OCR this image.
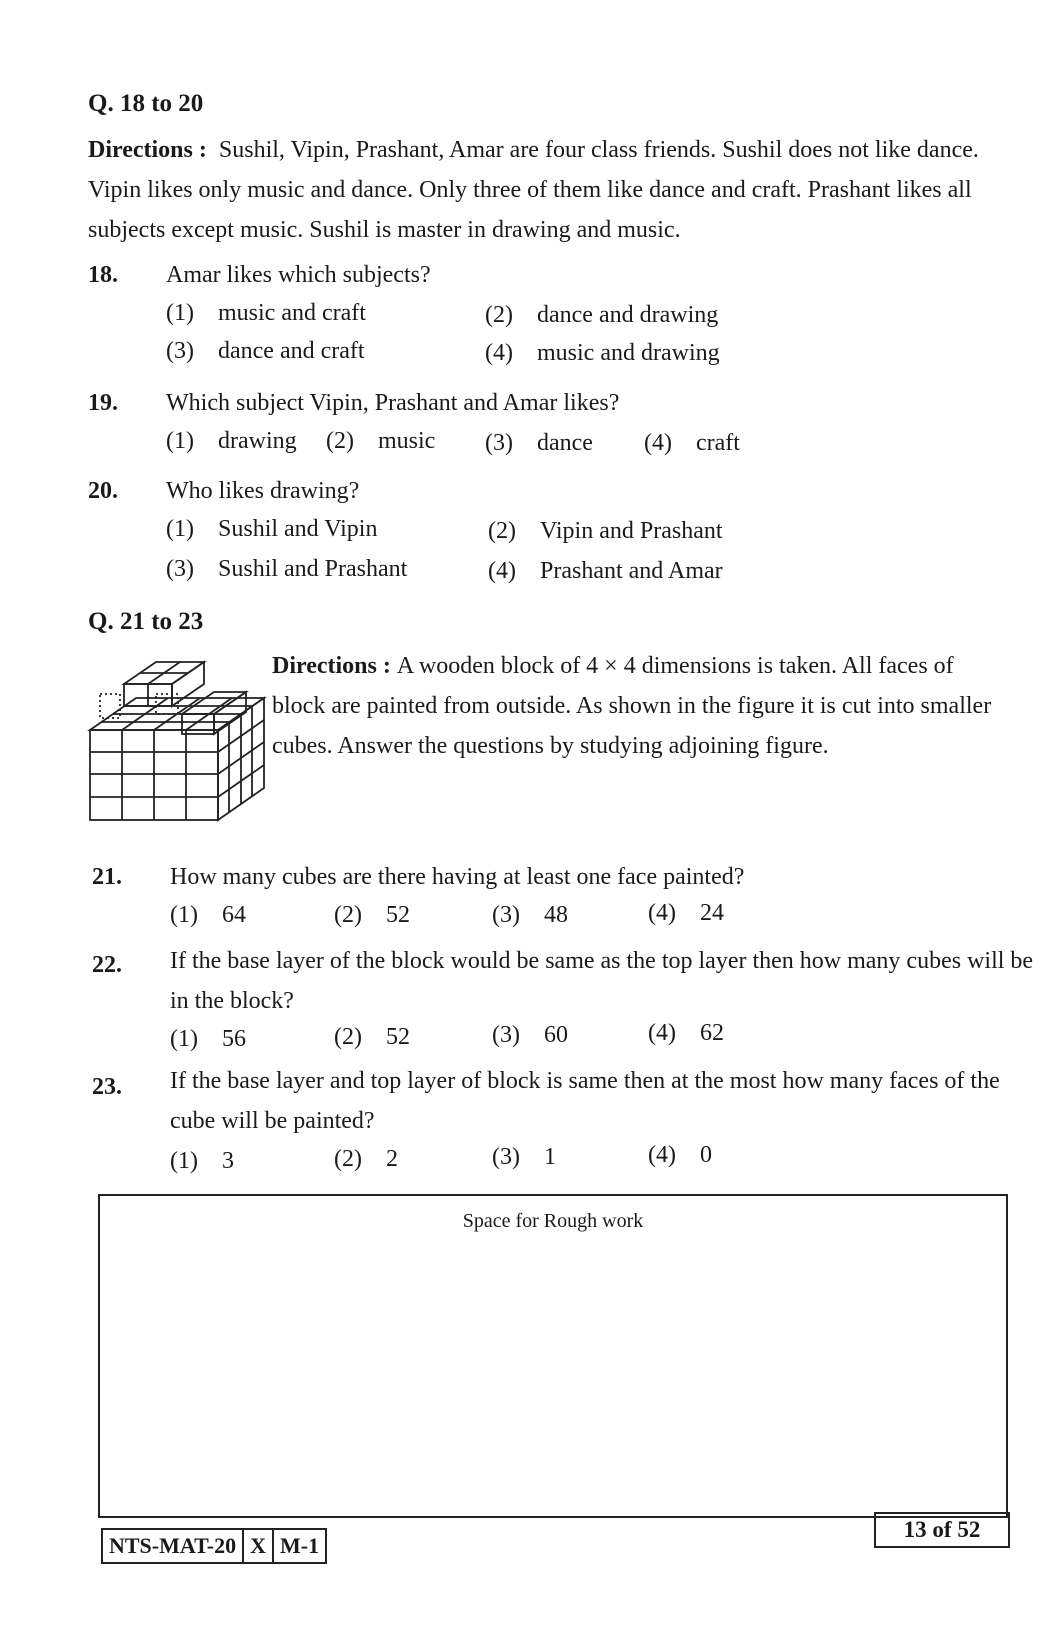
Q. 18 to 20
Directions : Sushil, Vipin, Prashant, Amar are four class friends. Sushil does not like dance.
Vipin likes only music and dance. Only three of them like dance and craft. Prashant likes all
subjects except music. Sushil is master in drawing and music.
18. Amar likes which subjects?
(1) music and craft	(2) dance and drawing
(3) dance and craft	(4) music and drawing
19. Which subject Vipin, Prashant and Amar likes?
(1) drawing (2) music (3) dance (4) craft
20. Who likes drawing?
(1) Sushil and Vipin	(2) Vipin and Prashant
(3) Sushil and Prashant	(4) Prashant and Amar
Q. 21 to 23
Directions : A wooden block of 4 × 4 dimensions is taken. All faces of
block are painted from outside. As shown in the figure it is cut into smaller
cubes. Answer the questions by studying adjoining figure.
21. How many cubes are there having at least one face painted?
(1) 64	(2) 52	(3) 48	(4) 24
22. If the base layer of the block would be same as the top layer then how many cubes will be
in the block?
(1) 56	(2) 52	(3) 60	(4) 62
23. If the base layer and top layer of block is same then at the most how many faces of the
cube will be painted?
(1) 3	(2) 2	(3) 1	(4) 0
Space for Rough work
NTS-MAT-20 X M-1
13 of 52
